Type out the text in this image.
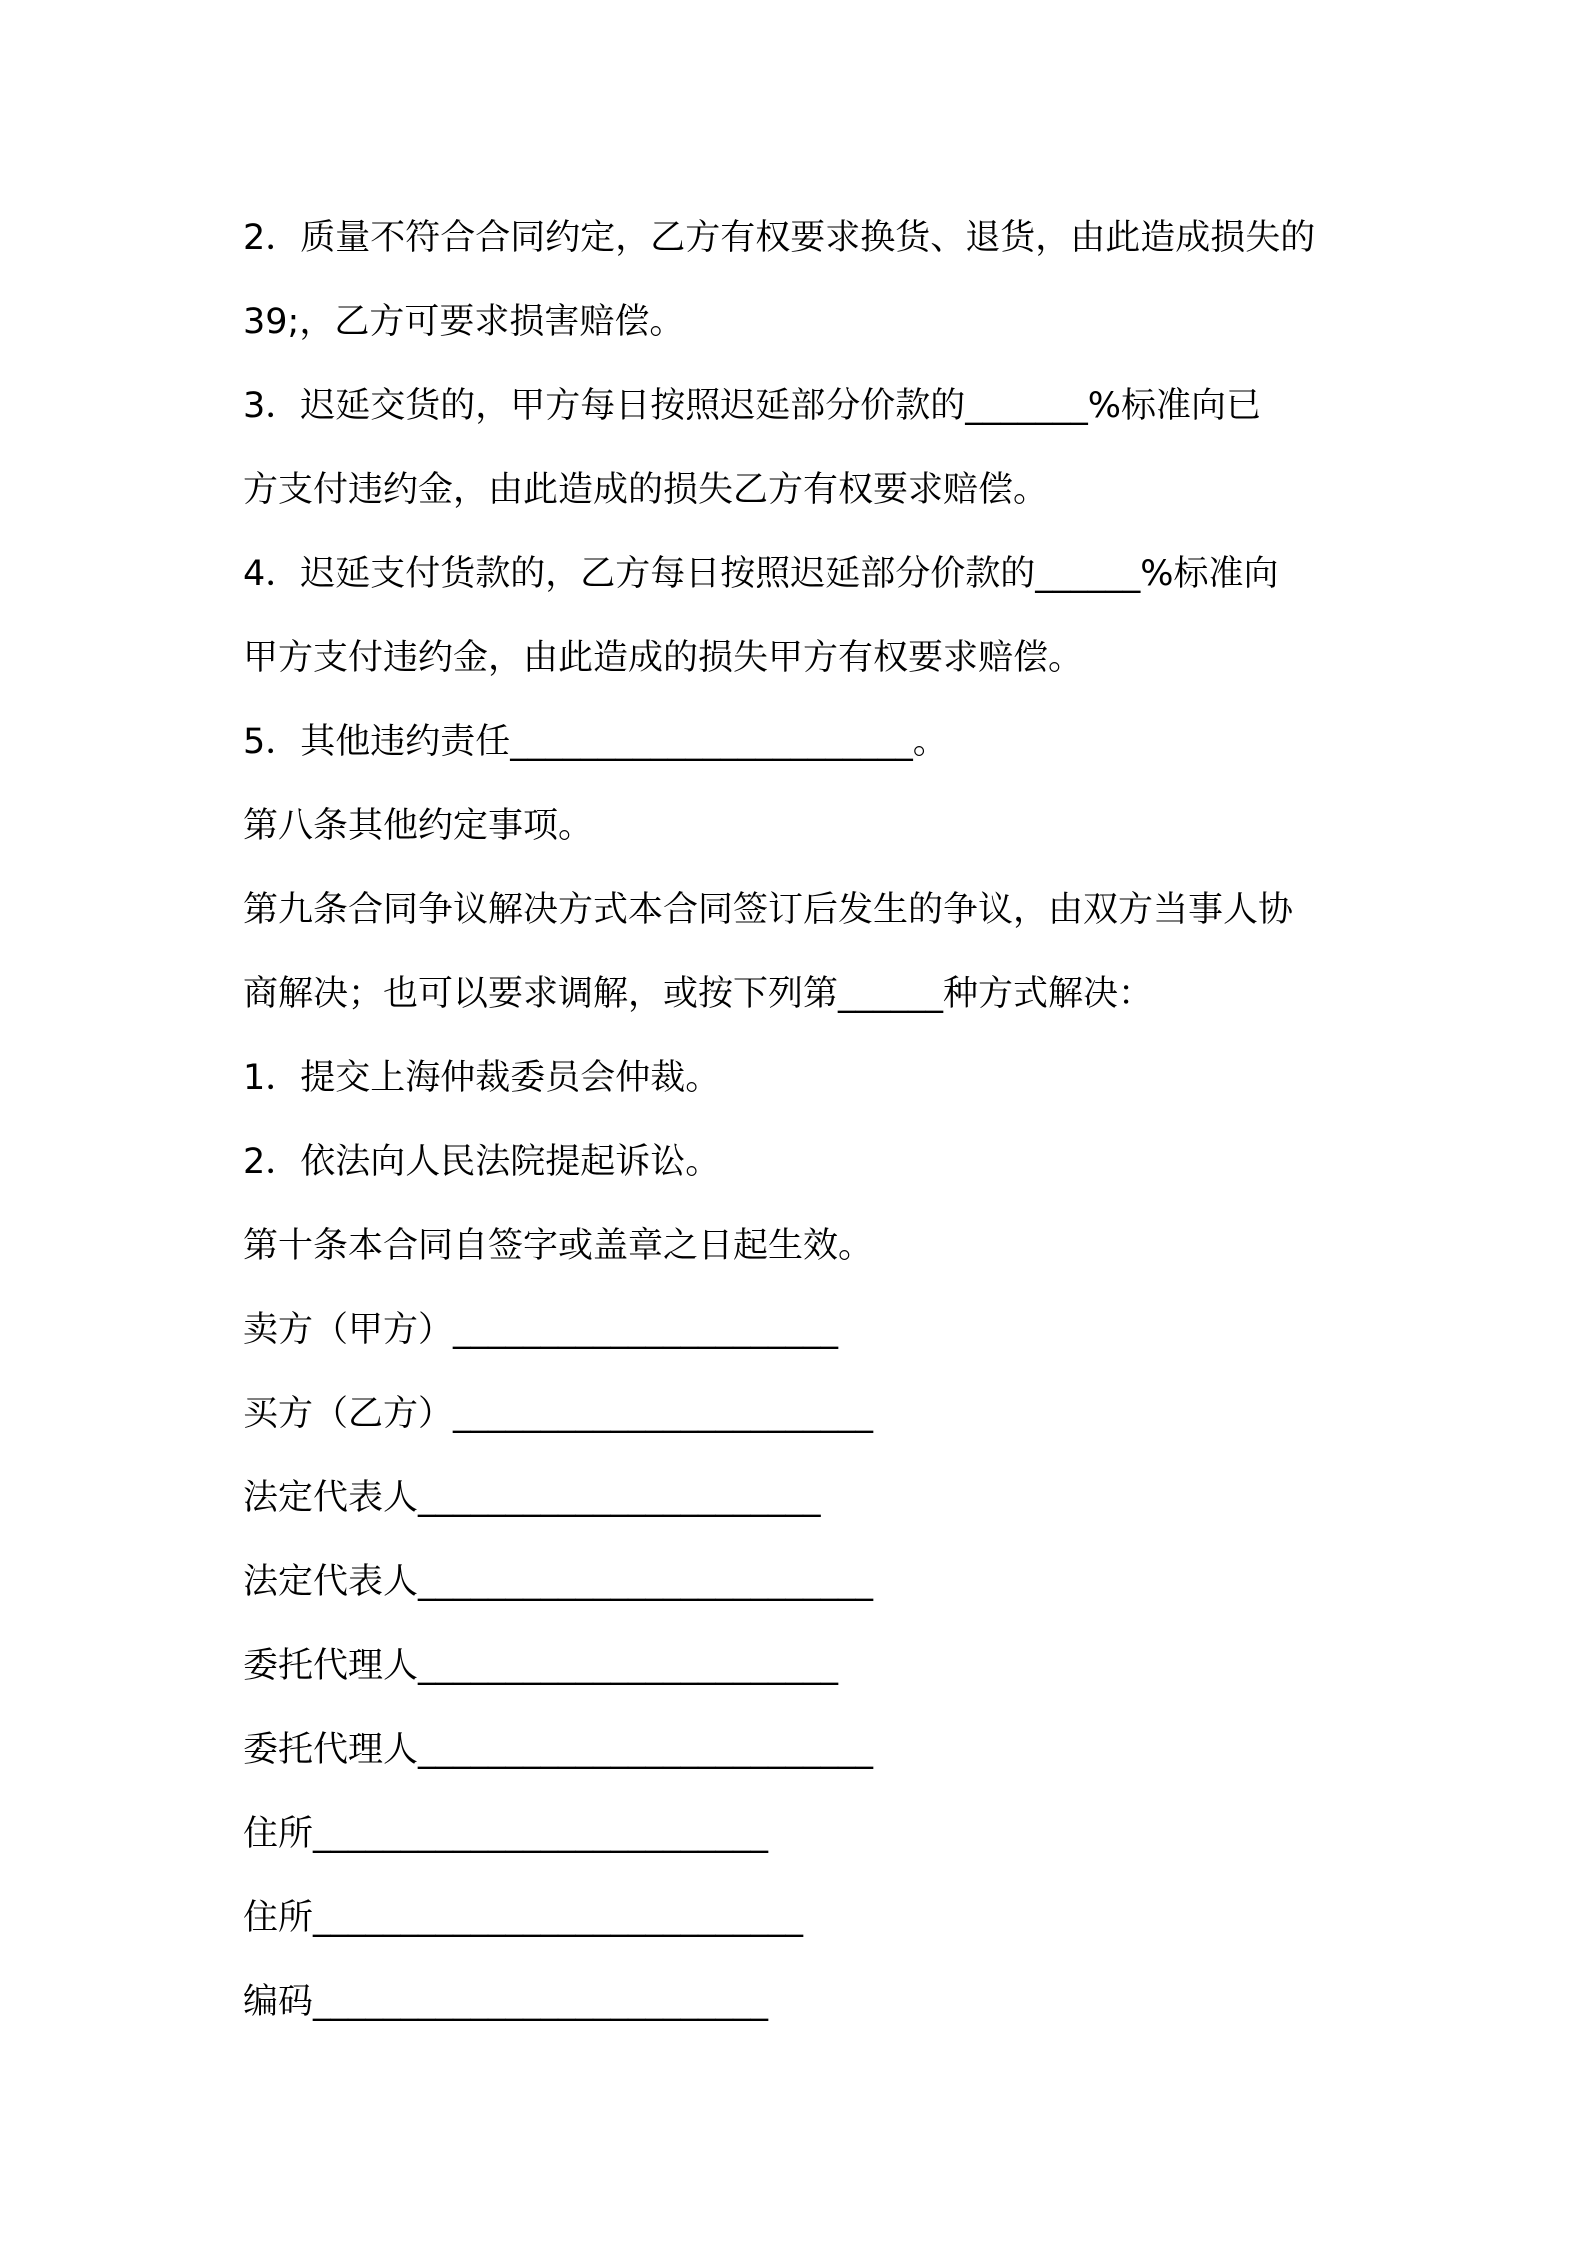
2．质量不符合合同约定，乙方有权要求换货、退货，由此造成损失的
39;，乙方可要求损害赔偿。
3．迟延交货的，甲方每日按照迟延部分价款的_______%标准向已
方支付违约金，由此造成的损失乙方有权要求赔偿。
4．迟延支付货款的，乙方每日按照迟延部分价款的______%标准向
甲方支付违约金，由此造成的损失甲方有权要求赔偿。
5．其他违约责任_______________________。
第八条其他约定事项。
第九条合同争议解决方式本合同签订后发生的争议，由双方当事人协
商解决；也可以要求调解，或按下列第______种方式解决：
1．提交上海仲裁委员会仲裁。
2．依法向人民法院提起诉讼。
第十条本合同自签字或盖章之日起生效。
卖方（甲方）______________________
买方（乙方）________________________
法定代表人_______________________
法定代表人__________________________
委托代理人________________________
委托代理人__________________________
住所__________________________
住所____________________________
编码__________________________
